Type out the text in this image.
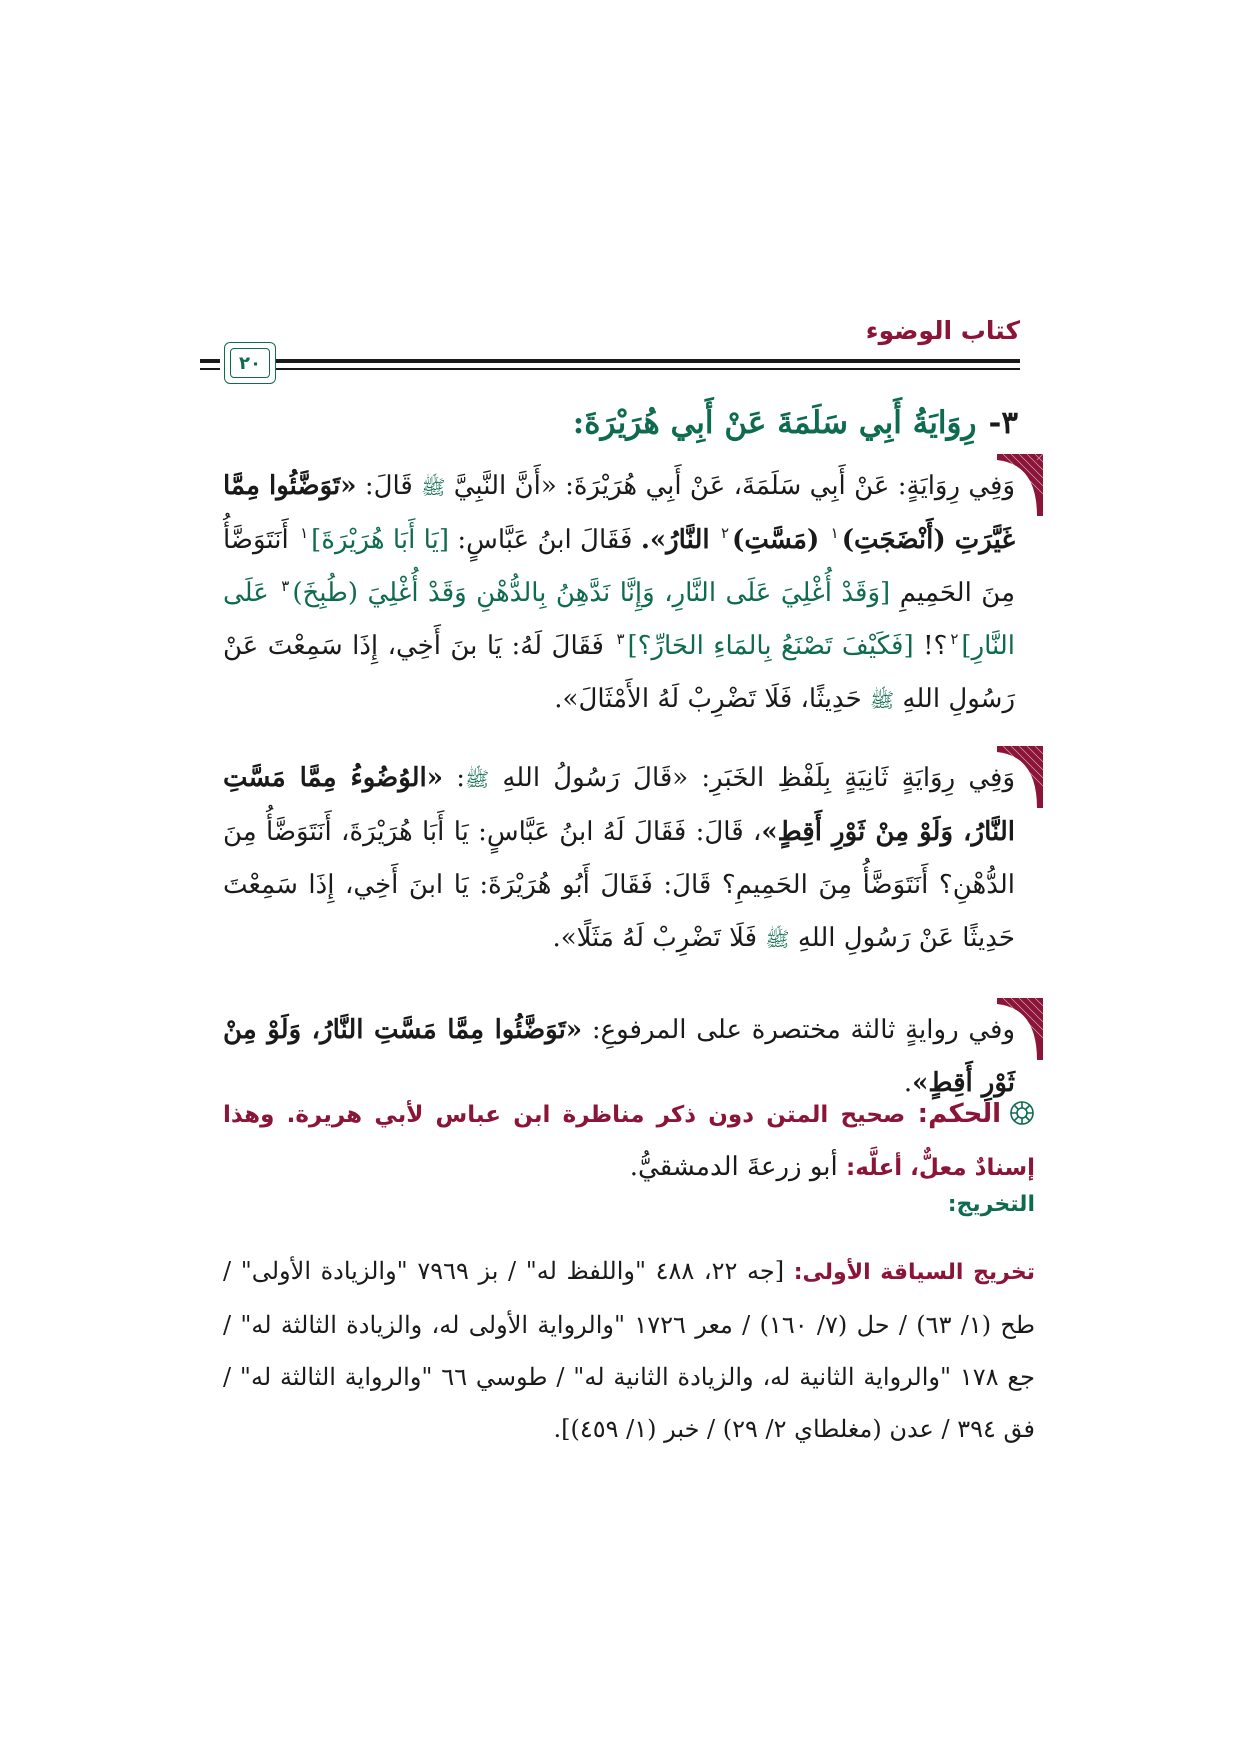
كتاب الوضوء
٢٠
٣-رِوَايَةُ أَبِي سَلَمَةَ عَنْ أَبِي هُرَيْرَةَ:

وَفِي رِوَايَةٍ: عَنْ أَبِي سَلَمَةَ، عَنْ أَبِي هُرَيْرَةَ: «أَنَّ النَّبِيَّ ﷺ قَالَ: «تَوَضَّئُوا مِمَّا غَيَّرَتِ (أَنْضَجَتِ)$^١$ (مَسَّتِ)$^٢$ النَّارُ». فَقَالَ ابنُ عَبَّاسٍ: [يَا أَبَا هُرَيْرَةَ]$^١$ أَنَتَوَضَّأُ مِنَ الحَمِيمِ [وَقَدْ أُغْلِيَ عَلَى النَّارِ، وَإِنَّا نَدَّهِنُ بِالدُّهْنِ وَقَدْ أُغْلِيَ (طُبِخَ)$^٣$ عَلَى النَّارِ]$^٢$؟! [فَكَيْفَ تَصْنَعُ بِالمَاءِ الحَارِّ؟]$^٣$ فَقَالَ لَهُ: يَا بنَ أَخِي، إِذَا سَمِعْتَ عَنْ رَسُولِ اللهِ ﷺ حَدِيثًا، فَلَا تَضْرِبْ لَهُ الأَمْثَالَ».

وَفِي رِوَايَةٍ ثَانِيَةٍ بِلَفْظِ الخَبَرِ: «قَالَ رَسُولُ اللهِ ﷺ: «الوُضُوءُ مِمَّا مَسَّتِ النَّارُ، وَلَوْ مِنْ ثَوْرِ أَقِطٍ»، قَالَ: فَقَالَ لَهُ ابنُ عَبَّاسٍ: يَا أَبَا هُرَيْرَةَ، أَنَتَوَضَّأُ مِنَ الدُّهْنِ؟ أَنَتَوَضَّأُ مِنَ الحَمِيمِ؟ قَالَ: فَقَالَ أَبُو هُرَيْرَةَ: يَا ابنَ أَخِي، إِذَا سَمِعْتَ حَدِيثًا عَنْ رَسُولِ اللهِ ﷺ فَلَا تَضْرِبْ لَهُ مَثَلًا».

وفي روايةٍ ثالثة مختصرة على المرفوعِ: «تَوَضَّئُوا مِمَّا مَسَّتِ النَّارُ، وَلَوْ مِنْ ثَوْرِ أَقِطٍ».

الحكم: صحيح المتن دون ذكر مناظرة ابن عباس لأبي هريرة. وهذا إسنادٌ معلٌّ، أعلَّه: أبو زرعةَ الدمشقيُّ.

التخريج:

تخريج السياقة الأولى: [جه ٢٢، ٤٨٨ "واللفظ له" / بز ٧٩٦٩ "والزيادة الأولى" / طح (١/ ٦٣) / حل (٧/ ١٦٠) / معر ١٧٢٦ "والرواية الأولى له، والزيادة الثالثة له" / جع ١٧٨ "والرواية الثانية له، والزيادة الثانية له" / طوسي ٦٦ "والرواية الثالثة له" / فق ٣٩٤ / عدن (مغلطاي ٢/ ٢٩) / خبر (١/ ٤٥٩)].
